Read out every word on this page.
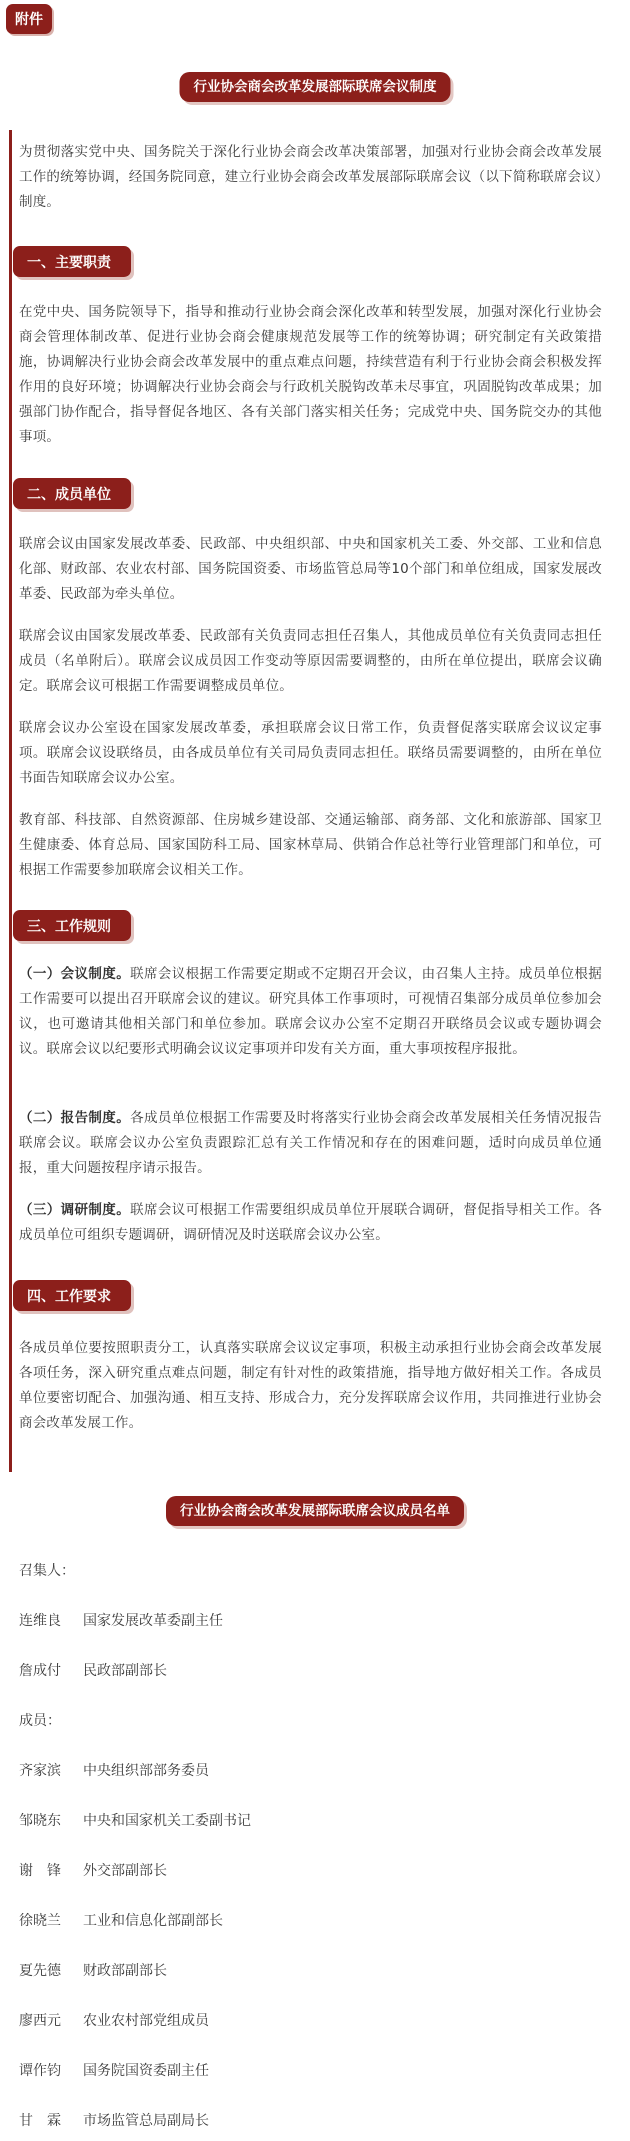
附件
行业协会商会改革发展部际联席会议制度

为贯彻落实党中央、国务院关于深化行业协会商会改革决策部署，加强对行业协会商会改革发展工作的统筹协调，经国务院同意，建立行业协会商会改革发展部际联席会议（以下简称联席会议）制度。

一、主要职责

在党中央、国务院领导下，指导和推动行业协会商会深化改革和转型发展，加强对深化行业协会商会管理体制改革、促进行业协会商会健康规范发展等工作的统筹协调；研究制定有关政策措施，协调解决行业协会商会改革发展中的重点难点问题，持续营造有利于行业协会商会积极发挥作用的良好环境；协调解决行业协会商会与行政机关脱钩改革未尽事宜，巩固脱钩改革成果；加强部门协作配合，指导督促各地区、各有关部门落实相关任务；完成党中央、国务院交办的其他事项。

二、成员单位

联席会议由国家发展改革委、民政部、中央组织部、中央和国家机关工委、外交部、工业和信息化部、财政部、农业农村部、国务院国资委、市场监管总局等10个部门和单位组成，国家发展改革委、民政部为牵头单位。

联席会议由国家发展改革委、民政部有关负责同志担任召集人，其他成员单位有关负责同志担任成员（名单附后）。联席会议成员因工作变动等原因需要调整的，由所在单位提出，联席会议确定。联席会议可根据工作需要调整成员单位。

联席会议办公室设在国家发展改革委，承担联席会议日常工作，负责督促落实联席会议议定事项。联席会议设联络员，由各成员单位有关司局负责同志担任。联络员需要调整的，由所在单位书面告知联席会议办公室。

教育部、科技部、自然资源部、住房城乡建设部、交通运输部、商务部、文化和旅游部、国家卫生健康委、体育总局、国家国防科工局、国家林草局、供销合作总社等行业管理部门和单位，可根据工作需要参加联席会议相关工作。

三、工作规则

（一）会议制度。联席会议根据工作需要定期或不定期召开会议，由召集人主持。成员单位根据工作需要可以提出召开联席会议的建议。研究具体工作事项时，可视情召集部分成员单位参加会议，也可邀请其他相关部门和单位参加。联席会议办公室不定期召开联络员会议或专题协调会议。联席会议以纪要形式明确会议议定事项并印发有关方面，重大事项按程序报批。

（二）报告制度。各成员单位根据工作需要及时将落实行业协会商会改革发展相关任务情况报告联席会议。联席会议办公室负责跟踪汇总有关工作情况和存在的困难问题，适时向成员单位通报，重大问题按程序请示报告。

（三）调研制度。联席会议可根据工作需要组织成员单位开展联合调研，督促指导相关工作。各成员单位可组织专题调研，调研情况及时送联席会议办公室。

四、工作要求

各成员单位要按照职责分工，认真落实联席会议议定事项，积极主动承担行业协会商会改革发展各项任务，深入研究重点难点问题，制定有针对性的政策措施，指导地方做好相关工作。各成员单位要密切配合、加强沟通、相互支持、形成合力，充分发挥联席会议作用，共同推进行业协会商会改革发展工作。

行业协会商会改革发展部际联席会议成员名单
召集人：
连维良 国家发展改革委副主任
詹成付 民政部副部长
成员：
齐家滨 中央组织部部务委员
邹晓东 中央和国家机关工委副书记
谢　锋 外交部副部长
徐晓兰 工业和信息化部副部长
夏先德 财政部副部长
廖西元 农业农村部党组成员
谭作钧 国务院国资委副主任
甘　霖 市场监管总局副局长
